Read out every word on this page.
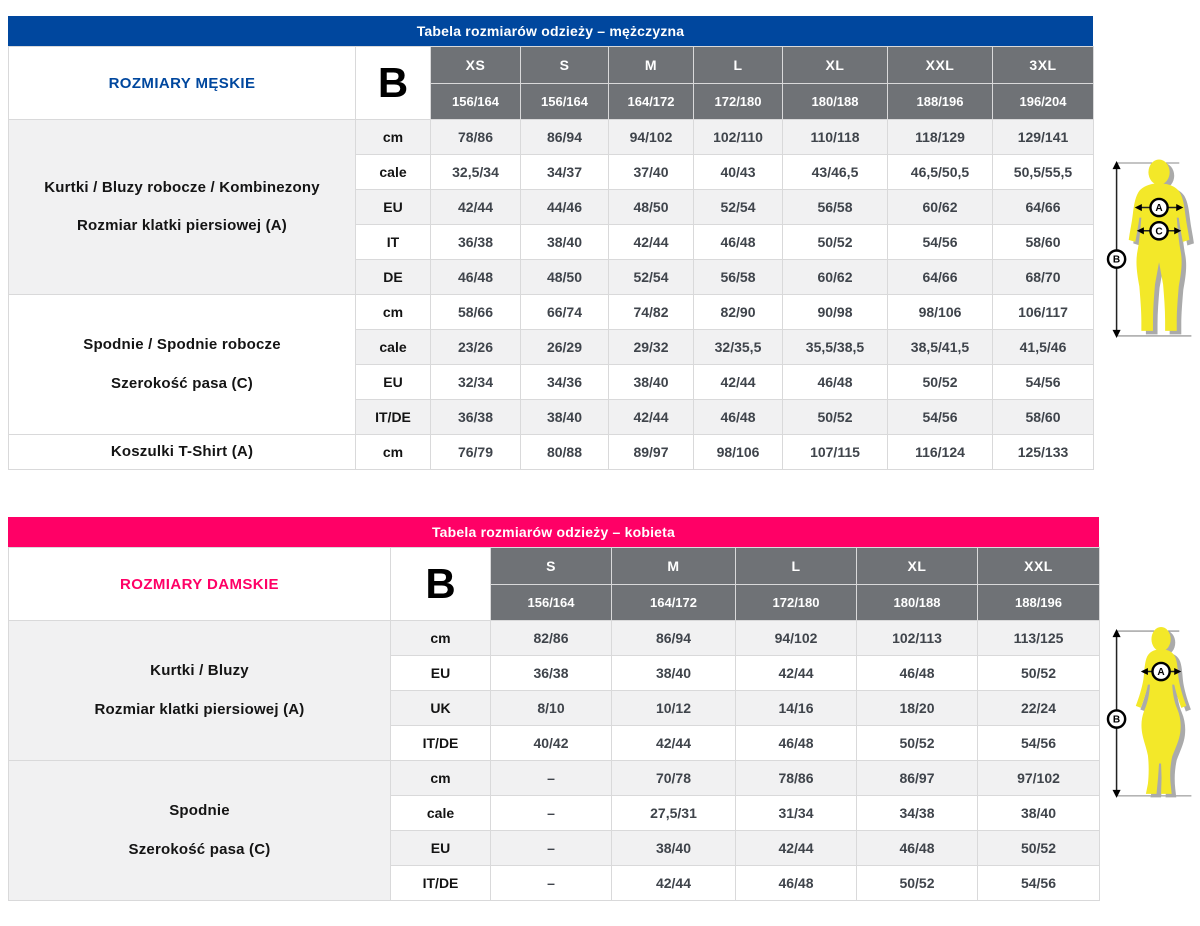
Tabela rozmiarów odzieży – mężczyzna
ROZMIARY MĘSKIE	B	XS	S	M	L	XL	XXL	3XL
		156/164	156/164	164/172	172/180	180/188	188/196	196/204

Kurtki / Bluzy robocze / Kombinezony
Rozmiar klatki piersiowej (A)	cm	78/86	86/94	94/102	102/110	110/118	118/129	129/141
	cale	32,5/34	34/37	37/40	40/43	43/46,5	46,5/50,5	50,5/55,5
	EU	42/44	44/46	48/50	52/54	56/58	60/62	64/66
	IT	36/38	38/40	42/44	46/48	50/52	54/56	58/60
	DE	46/48	48/50	52/54	56/58	60/62	64/66	68/70

Spodnie / Spodnie robocze
Szerokość pasa (C)	cm	58/66	66/74	74/82	82/90	90/98	98/106	106/117
	cale	23/26	26/29	29/32	32/35,5	35,5/38,5	38,5/41,5	41,5/46
	EU	32/34	34/36	38/40	42/44	46/48	50/52	54/56
	IT/DE	36/38	38/40	42/44	46/48	50/52	54/56	58/60

Koszulki T-Shirt (A)	cm	76/79	80/88	89/97	98/106	107/115	116/124	125/133
Tabela rozmiarów odzieży – kobieta
ROZMIARY DAMSKIE	B	S	M	L	XL	XXL
		156/164	164/172	172/180	180/188	188/196

Kurtki / Bluzy
Rozmiar klatki piersiowej (A)	cm	82/86	86/94	94/102	102/113	113/125
	EU	36/38	38/40	42/44	46/48	50/52
	UK	8/10	10/12	14/16	18/20	22/24
	IT/DE	40/42	42/44	46/48	50/52	54/56

Spodnie
Szerokość pasa (C)	cm	–	70/78	78/86	86/97	97/102
	cale	–	27,5/31	31/34	34/38	38/40
	EU	–	38/40	42/44	46/48	50/52
	IT/DE	–	42/44	46/48	50/52	54/56
B
A
C
B
A
